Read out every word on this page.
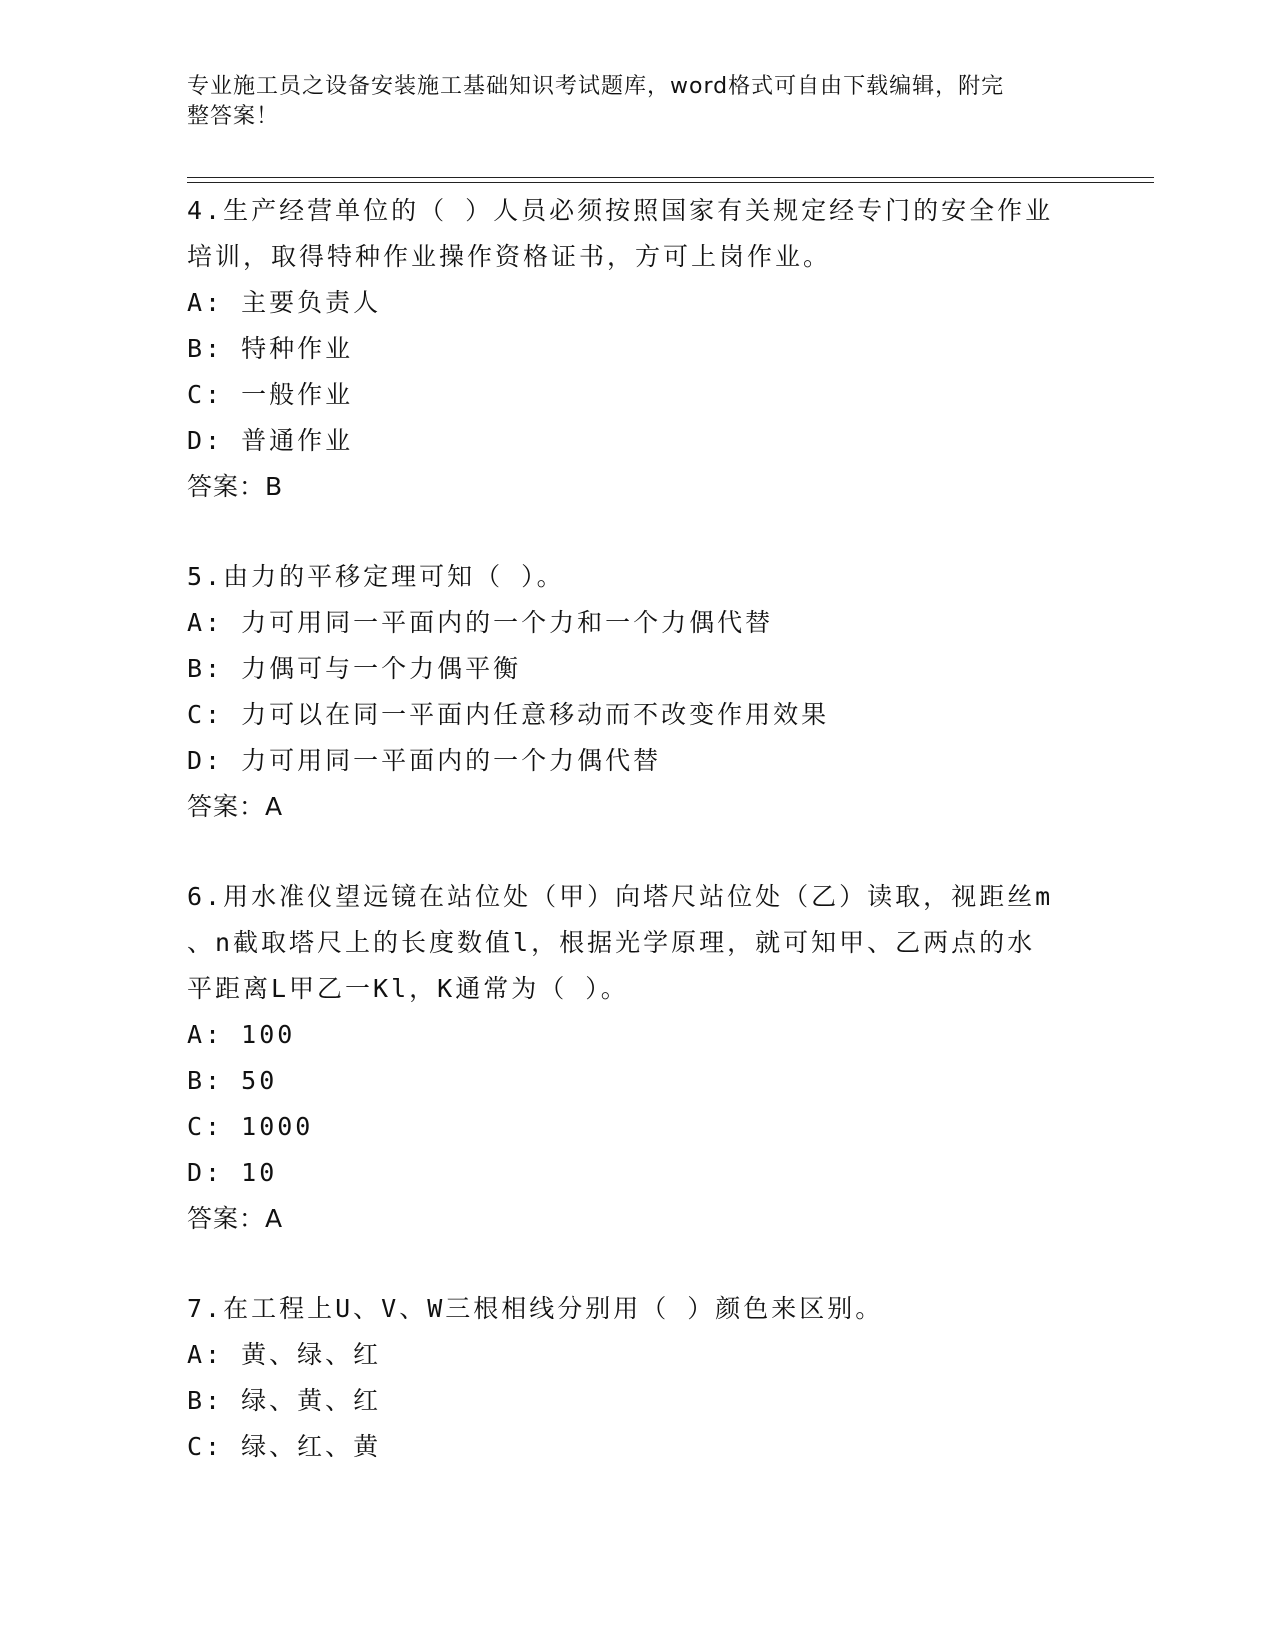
专业施工员之设备安装施工基础知识考试题库，word格式可自由下载编辑，附完
整答案！

4.生产经营单位的（ ）人员必须按照国家有关规定经专门的安全作业

培训，取得特种作业操作资格证书，方可上岗作业。

A: 主要负责人

B: 特种作业

C: 一般作业

D: 普通作业

答案：B

5.由力的平移定理可知（ ）。

A: 力可用同一平面内的一个力和一个力偶代替

B: 力偶可与一个力偶平衡

C: 力可以在同一平面内任意移动而不改变作用效果

D: 力可用同一平面内的一个力偶代替

答案：A

6.用水准仪望远镜在站位处（甲）向塔尺站位处（乙）读取，视距丝m

、n截取塔尺上的长度数值l，根据光学原理，就可知甲、乙两点的水

平距离L甲乙一Kl，K通常为（ ）。

A: 100

B: 50

C: 1000

D: 10

答案：A

7.在工程上U、V、W三根相线分别用（ ）颜色来区别。

A: 黄、绿、红

B: 绿、黄、红

C: 绿、红、黄
